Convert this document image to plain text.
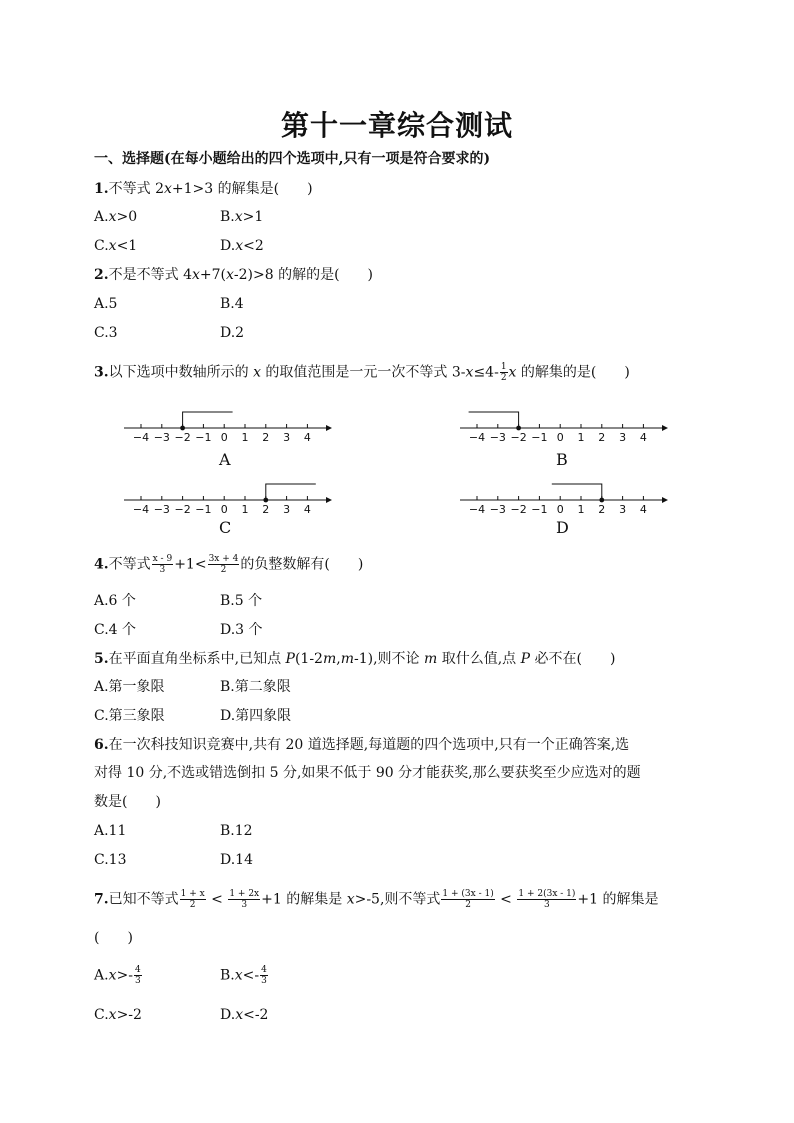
第十一章综合测试
一、选择题(在每小题给出的四个选项中,只有一项是符合要求的)
1.不等式 2x+1>3 的解集是(　　)
A.x>0	B.x>1
C.x<1	D.x<2
2.不是不等式 4x+7(x-2)>8 的解的是(　　)
A.5	B.4
C.3	D.2
3.以下选项中数轴所示的 x 的取值范围是一元一次不等式 $3-x\le 4- \frac{1}{2}$ x 的解集的是(　　)
−4 −3 −2 −1 0 1 2 3 4	−4 −3 −2 −1 0 1 2 3 4
−4 −3 −2 −1 0 1 2 3 4	−4 −3 −2 −1 0 1 2 3 4
A	B
C	D
4.不等式 $\frac{x - 9}{3} +1< \frac{3x + 4}{2}$ 的负整数解有(　　)
A.6 个	B.5 个
C.4 个	D.3 个
5.在平面直角坐标系中,已知点 P(1-2m,m-1),则不论 m 取什么值,点 P 必不在(　　)
A.第一象限	B.第二象限
C.第三象限	D.第四象限
6.在一次科技知识竞赛中,共有 20 道选择题,每道题的四个选项中,只有一个正确答案,选
对得 10 分,不选或错选倒扣 5 分,如果不低于 90 分才能获奖,那么要获奖至少应选对的题
数是(　　)
A.11	B.12
C.13	D.14
7.已知不等式 $\frac{1 + x}{2} < \frac{1 + 2x}{3} +1$ 的解集是 x>-5,则不等式 $\frac{1 + (3x - 1)}{2} < \frac{1 + 2(3x - 1)}{3} +1$ 的解集是
(　　)
$A.x>- \frac{4}{3}$	$B.x<- \frac{4}{3}$
C.x>-2	D.x<-2
